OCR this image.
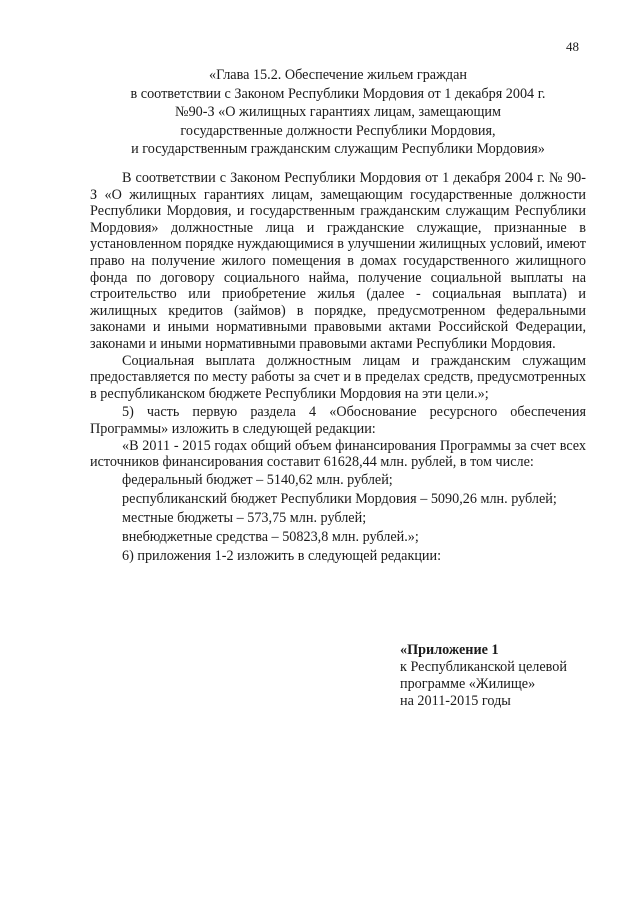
48
«Глава 15.2. Обеспечение жильем граждан
в соответствии с Законом Республики Мордовия от 1 декабря 2004 г.
№90-З «О жилищных гарантиях лицам, замещающим
государственные должности Республики Мордовия,
и государственным гражданским служащим Республики Мордовия»

В соответствии с Законом Республики Мордовия от 1 декабря 2004 г. № 90-З «О жилищных гарантиях лицам, замещающим государственные должности Республики Мордовия, и государственным гражданским служащим Республики Мордовия» должностные лица и гражданские служащие, признанные в установленном порядке нуждающимися в улучшении жилищных условий, имеют право на получение жилого помещения в домах государственного жилищного фонда по договору социального найма, получение социальной выплаты на строительство или приобретение жилья (далее - социальная выплата) и жилищных кредитов (займов) в порядке, предусмотренном федеральными законами и иными нормативными правовыми актами Российской Федерации, законами и иными нормативными правовыми актами Республики Мордовия.

Социальная выплата должностным лицам и гражданским служащим предоставляется по месту работы за счет и в пределах средств, предусмотренных в республиканском бюджете Республики Мордовия на эти цели.»;

5) часть первую раздела 4 «Обоснование ресурсного обеспечения Программы» изложить в следующей редакции:

«В 2011 - 2015 годах общий объем финансирования Программы за счет всех источников финансирования составит 61628,44 млн. рублей, в том числе:

федеральный бюджет – 5140,62 млн. рублей;

республиканский бюджет Республики Мордовия – 5090,26 млн. рублей;

местные бюджеты – 573,75 млн. рублей;

внебюджетные средства – 50823,8 млн. рублей.»;

6) приложения 1-2 изложить в следующей редакции:

«Приложение 1
к Республиканской целевой
программе «Жилище»
на 2011-2015 годы
